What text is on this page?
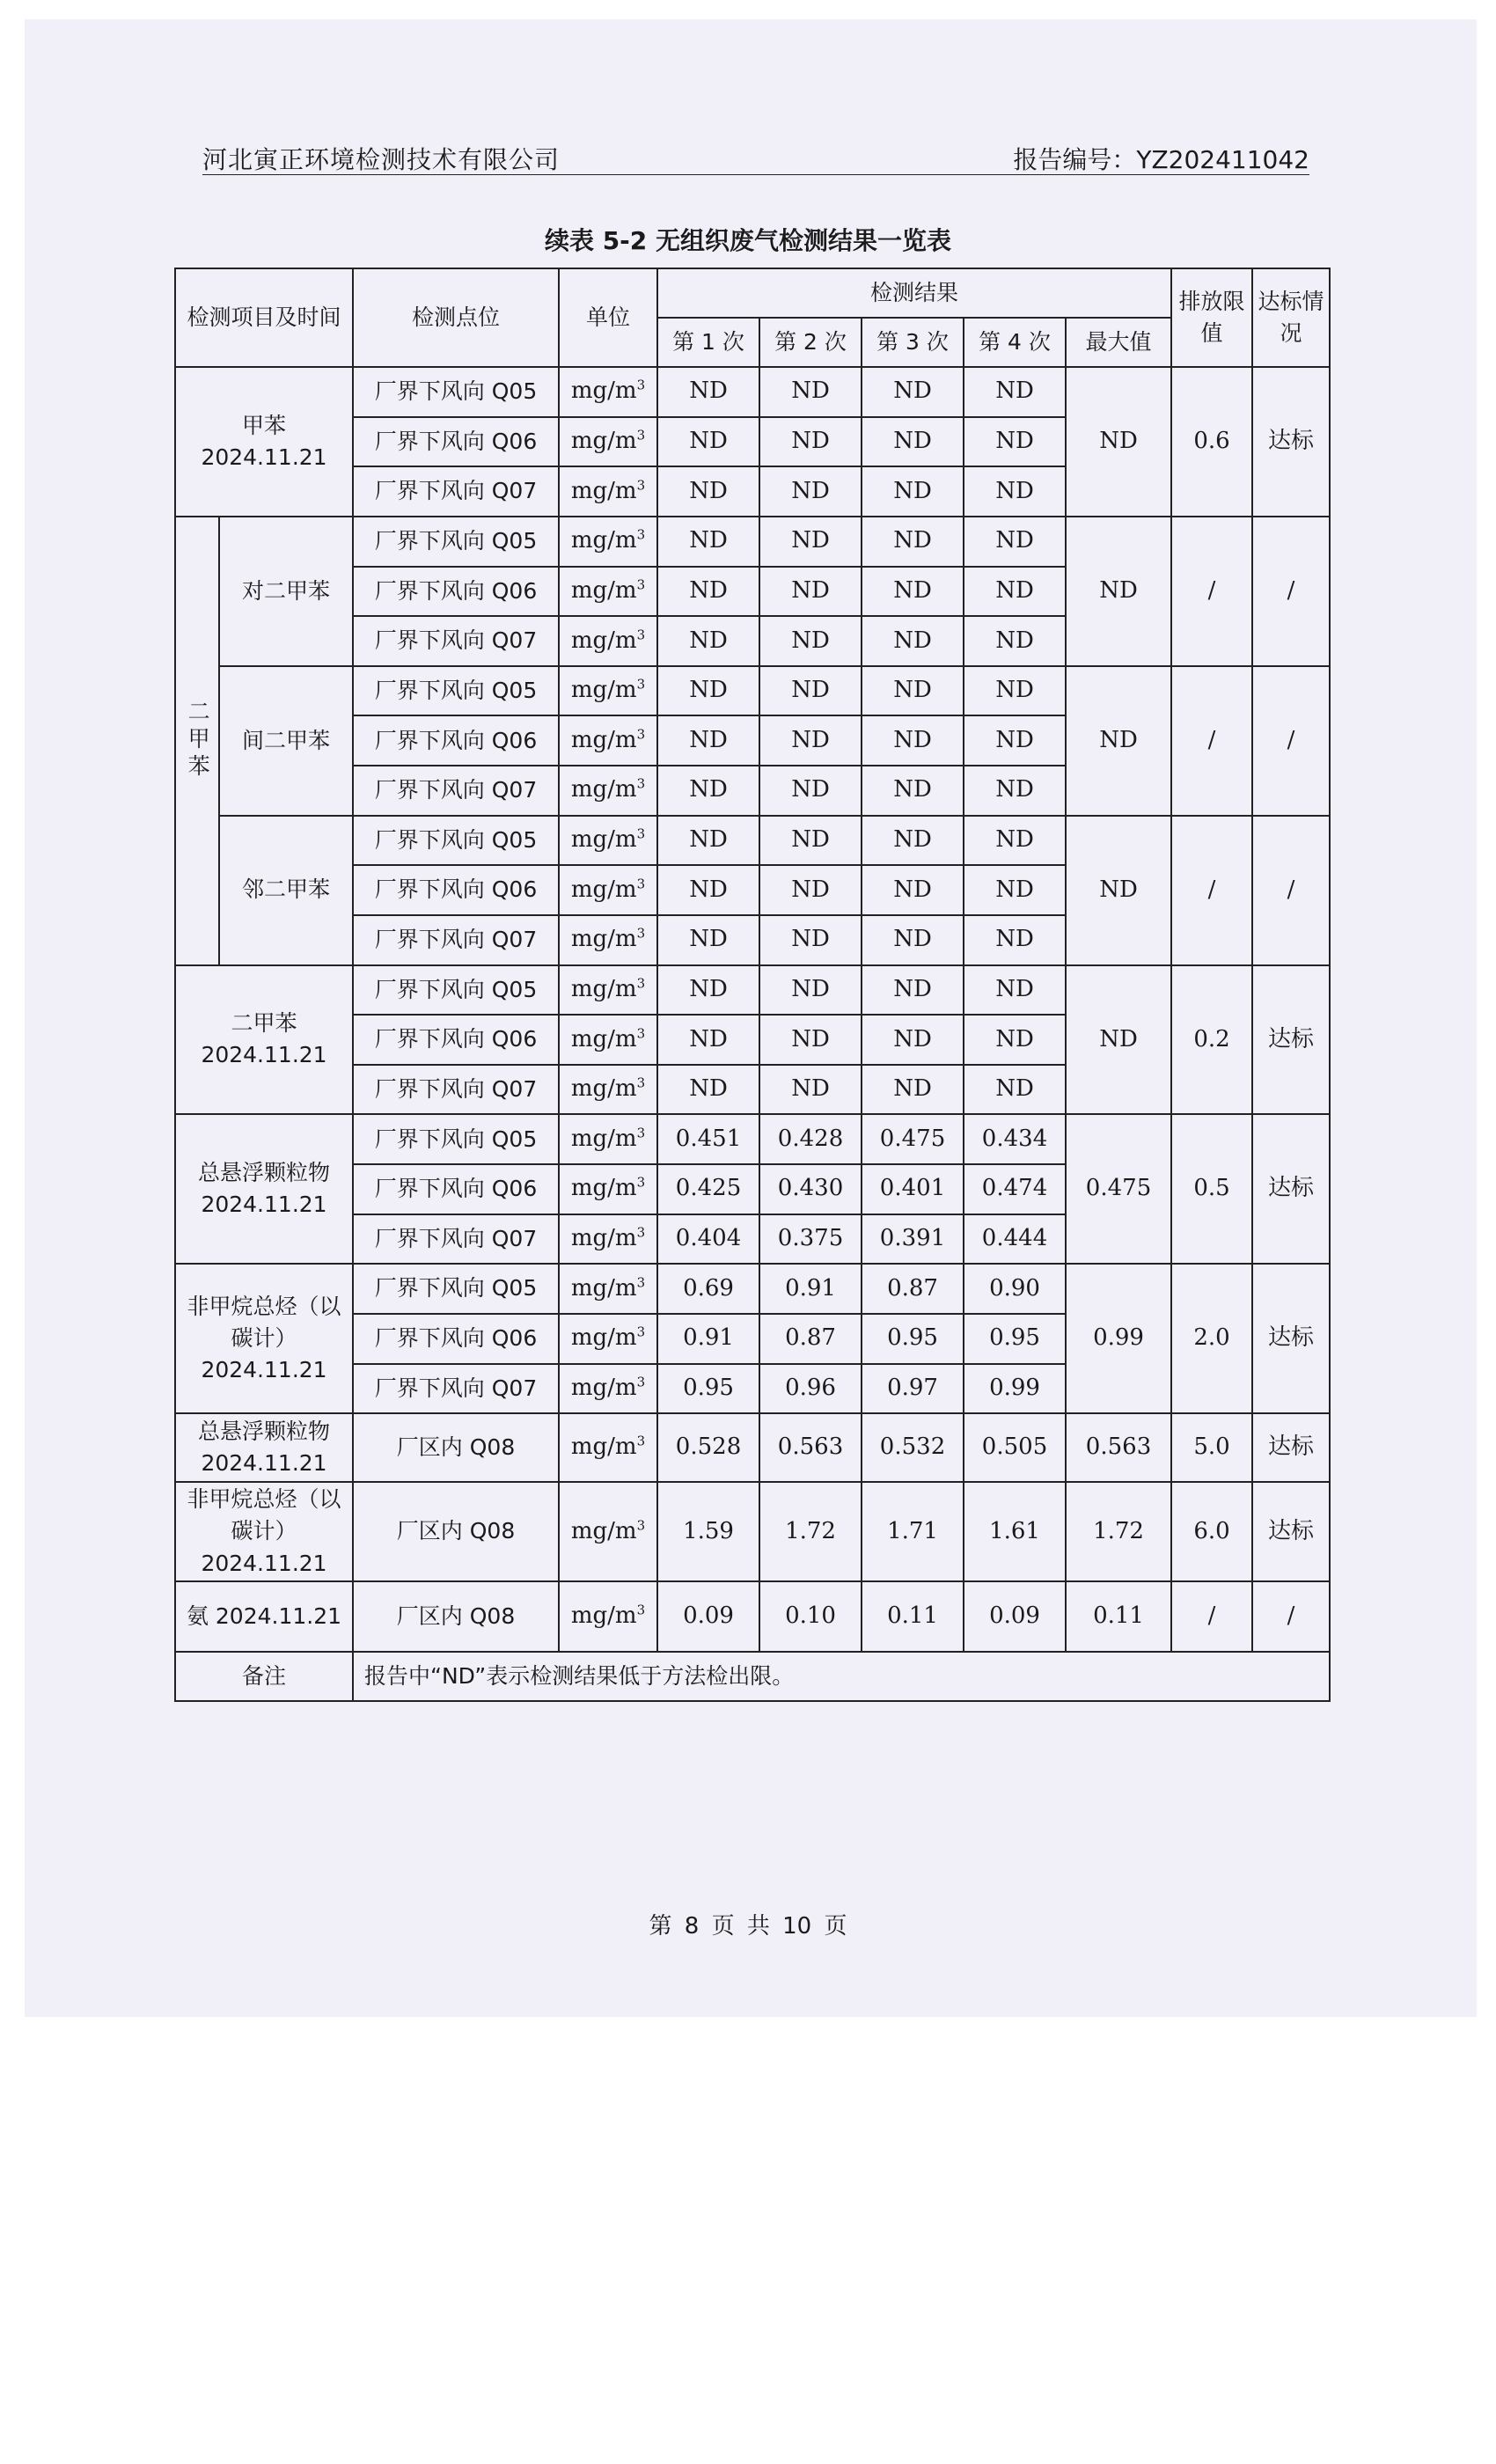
河北寅正环境检测技术有限公司	报告编号：YZ202411042
续表 5-2 无组织废气检测结果一览表
检测项目及时间		检测点位	单位	检测结果					排放限值	达标情况
				第 1 次	第 2 次	第 3 次	第 4 次	最大值		
甲苯 2024.11.21		厂界下风向 Q05	$mg/m^3$	ND	ND	ND	ND	ND	0.6	达标
		厂界下风向 Q06	$mg/m^3$	ND	ND	ND	ND			
		厂界下风向 Q07	$mg/m^3$	ND	ND	ND	ND			
二甲苯	对二甲苯	厂界下风向 Q05	$mg/m^3$	ND	ND	ND	ND	ND	/	/
		厂界下风向 Q06	$mg/m^3$	ND	ND	ND	ND			
		厂界下风向 Q07	$mg/m^3$	ND	ND	ND	ND			
	间二甲苯	厂界下风向 Q05	$mg/m^3$	ND	ND	ND	ND	ND	/	/
		厂界下风向 Q06	$mg/m^3$	ND	ND	ND	ND			
		厂界下风向 Q07	$mg/m^3$	ND	ND	ND	ND			
	邻二甲苯	厂界下风向 Q05	$mg/m^3$	ND	ND	ND	ND	ND	/	/
		厂界下风向 Q06	$mg/m^3$	ND	ND	ND	ND			
		厂界下风向 Q07	$mg/m^3$	ND	ND	ND	ND			
二甲苯 2024.11.21		厂界下风向 Q05	$mg/m^3$	ND	ND	ND	ND	ND	0.2	达标
		厂界下风向 Q06	$mg/m^3$	ND	ND	ND	ND			
		厂界下风向 Q07	$mg/m^3$	ND	ND	ND	ND			
总悬浮颗粒物 2024.11.21		厂界下风向 Q05	$mg/m^3$	0.451	0.428	0.475	0.434	0.475	0.5	达标
		厂界下风向 Q06	$mg/m^3$	0.425	0.430	0.401	0.474			
		厂界下风向 Q07	$mg/m^3$	0.404	0.375	0.391	0.444			
非甲烷总烃（以碳计）2024.11.21		厂界下风向 Q05	$mg/m^3$	0.69	0.91	0.87	0.90	0.99	2.0	达标
		厂界下风向 Q06	$mg/m^3$	0.91	0.87	0.95	0.95			
		厂界下风向 Q07	$mg/m^3$	0.95	0.96	0.97	0.99			
总悬浮颗粒物 2024.11.21		厂区内 Q08	$mg/m^3$	0.528	0.563	0.532	0.505	0.563	5.0	达标
非甲烷总烃（以碳计）2024.11.21		厂区内 Q08	$mg/m^3$	1.59	1.72	1.71	1.61	1.72	6.0	达标
氨 2024.11.21		厂区内 Q08	$mg/m^3$	0.09	0.10	0.11	0.09	0.11	/	/
备注		报告中“ND”表示检测结果低于方法检出限。								
第 8 页 共 10 页
